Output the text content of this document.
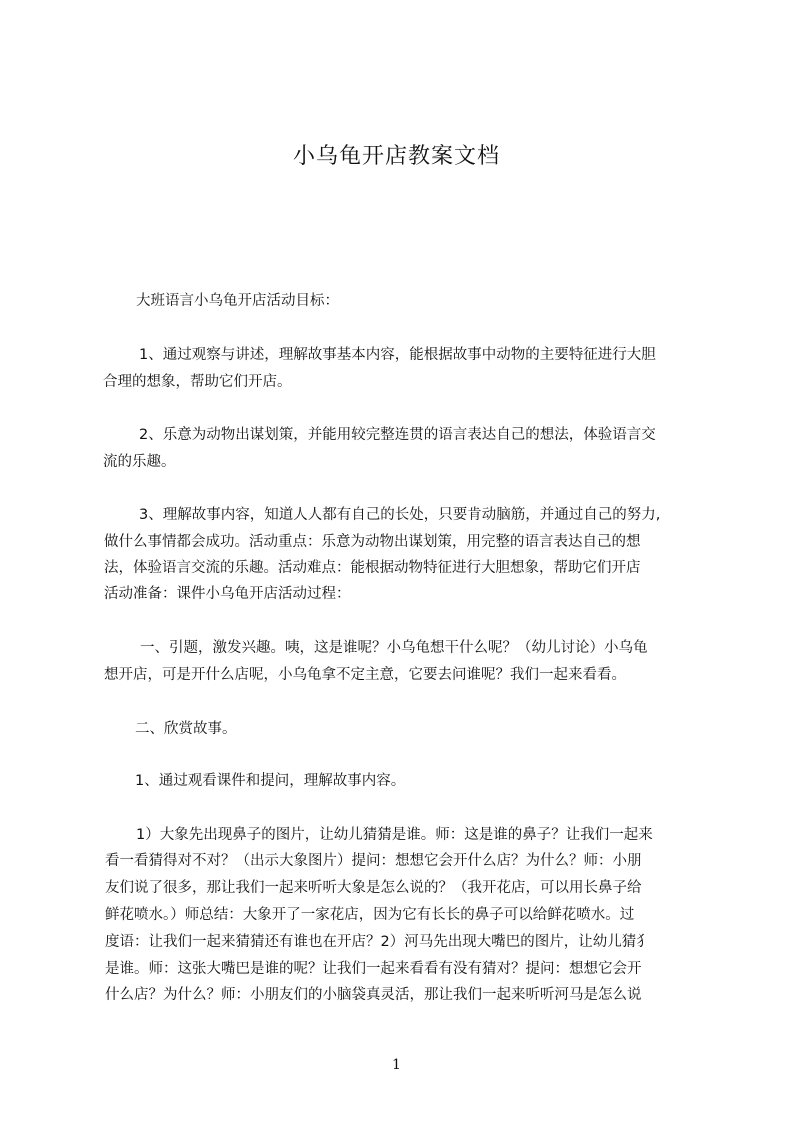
小乌龟开店教案文档
大班语言小乌龟开店活动目标：
1、通过观察与讲述，理解故事基本内容，能根据故事中动物的主要特征进行大胆
合理的想象，帮助它们开店。
2、乐意为动物出谋划策，并能用较完整连贯的语言表达自己的想法，体验语言交
流的乐趣。
3、理解故事内容，知道人人都有自己的长处，只要肯动脑筋，并通过自己的努力,
做什么事情都会成功。活动重点：乐意为动物出谋划策，用完整的语言表达自己的想
法，体验语言交流的乐趣。活动难点：能根据动物特征进行大胆想象，帮助它们开店
活动准备：课件小乌龟开店活动过程：
一、引题，激发兴趣。咦，这是谁呢？小乌龟想干什么呢？（幼儿讨论）小乌龟
想开店，可是开什么店呢，小乌龟拿不定主意，它要去问谁呢？我们一起来看看。
二、欣赏故事。
1、通过观看课件和提问，理解故事内容。
1）大象先出现鼻子的图片，让幼儿猜猜是谁。师：这是谁的鼻子？让我们一起来
看一看猜得对不对？（出示大象图片）提问：想想它会开什么店？为什么？师：小朋
友们说了很多，那让我们一起来听听大象是怎么说的？（我开花店，可以用长鼻子给
鲜花喷水。）师总结：大象开了一家花店，因为它有长长的鼻子可以给鲜花喷水。过
度语：让我们一起来猜猜还有谁也在开店？2）河马先出现大嘴巴的图片，让幼儿猜犭
是谁。师：这张大嘴巴是谁的呢？让我们一起来看看有没有猜对？提问：想想它会开
什么店？为什么？师：小朋友们的小脑袋真灵活，那让我们一起来听听河马是怎么说
1
